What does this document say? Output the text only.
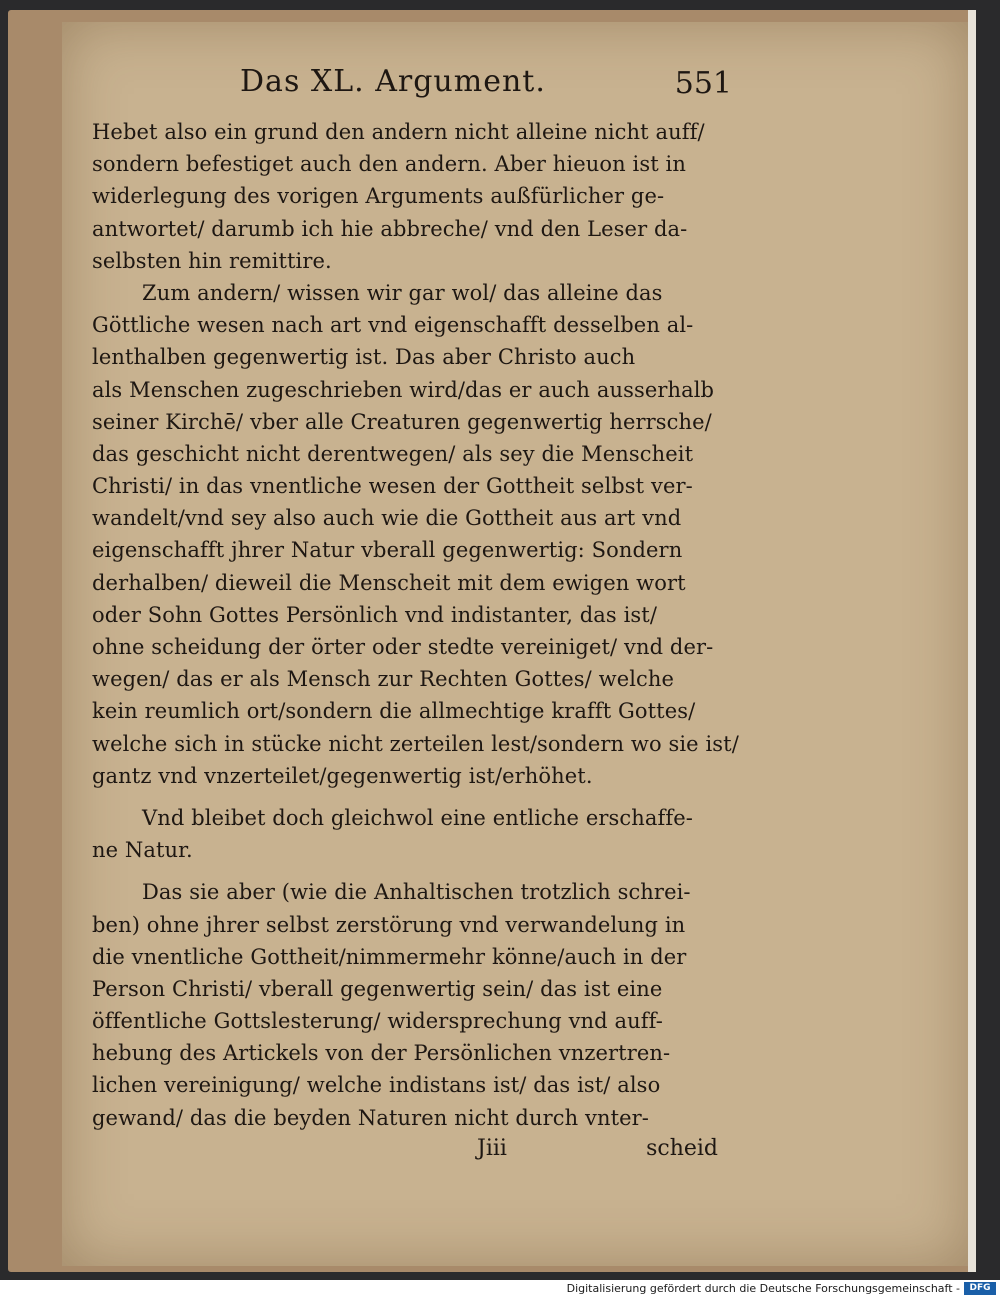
Das XL. Argument.	551
Hebet also ein grund den andern nicht alleine nicht auff/
sondern befestiget auch den andern. Aber hieuon ist in
widerlegung des vorigen Arguments außfürlicher ge-
antwortet/ darumb ich hie abbreche/ vnd den Leser da-
selbsten hin remittire.
Zum andern/ wissen wir gar wol/ das alleine das
Göttliche wesen nach art vnd eigenschafft desselben al-
lenthalben gegenwertig ist. Das aber Christo auch
als Menschen zugeschrieben wird/das er auch ausserhalb
seiner Kirchē/ vber alle Creaturen gegenwertig herrsche/
das geschicht nicht derentwegen/ als sey die Menscheit
Christi/ in das vnentliche wesen der Gottheit selbst ver-
wandelt/vnd sey also auch wie die Gottheit aus art vnd
eigenschafft jhrer Natur vberall gegenwertig: Sondern
derhalben/ dieweil die Menscheit mit dem ewigen wort
oder Sohn Gottes Persönlich vnd indistanter, das ist/
ohne scheidung der örter oder stedte vereiniget/ vnd der-
wegen/ das er als Mensch zur Rechten Gottes/ welche
kein reumlich ort/sondern die allmechtige krafft Gottes/
welche sich in stücke nicht zerteilen lest/sondern wo sie ist/
gantz vnd vnzerteilet/gegenwertig ist/erhöhet.
Vnd bleibet doch gleichwol eine entliche erschaffe-
ne Natur.
Das sie aber (wie die Anhaltischen trotzlich schrei-
ben) ohne jhrer selbst zerstörung vnd verwandelung in
die vnentliche Gottheit/nimmermehr könne/auch in der
Person Christi/ vberall gegenwertig sein/ das ist eine
öffentliche Gottslesterung/ widersprechung vnd auff-
hebung des Artickels von der Persönlichen vnzertren-
lichen vereinigung/ welche indistans ist/ das ist/ also
gewand/ das die beyden Naturen nicht durch vnter-
Jiii	scheid
Digitalisierung gefördert durch die Deutsche Forschungsgemeinschaft -	DFG
